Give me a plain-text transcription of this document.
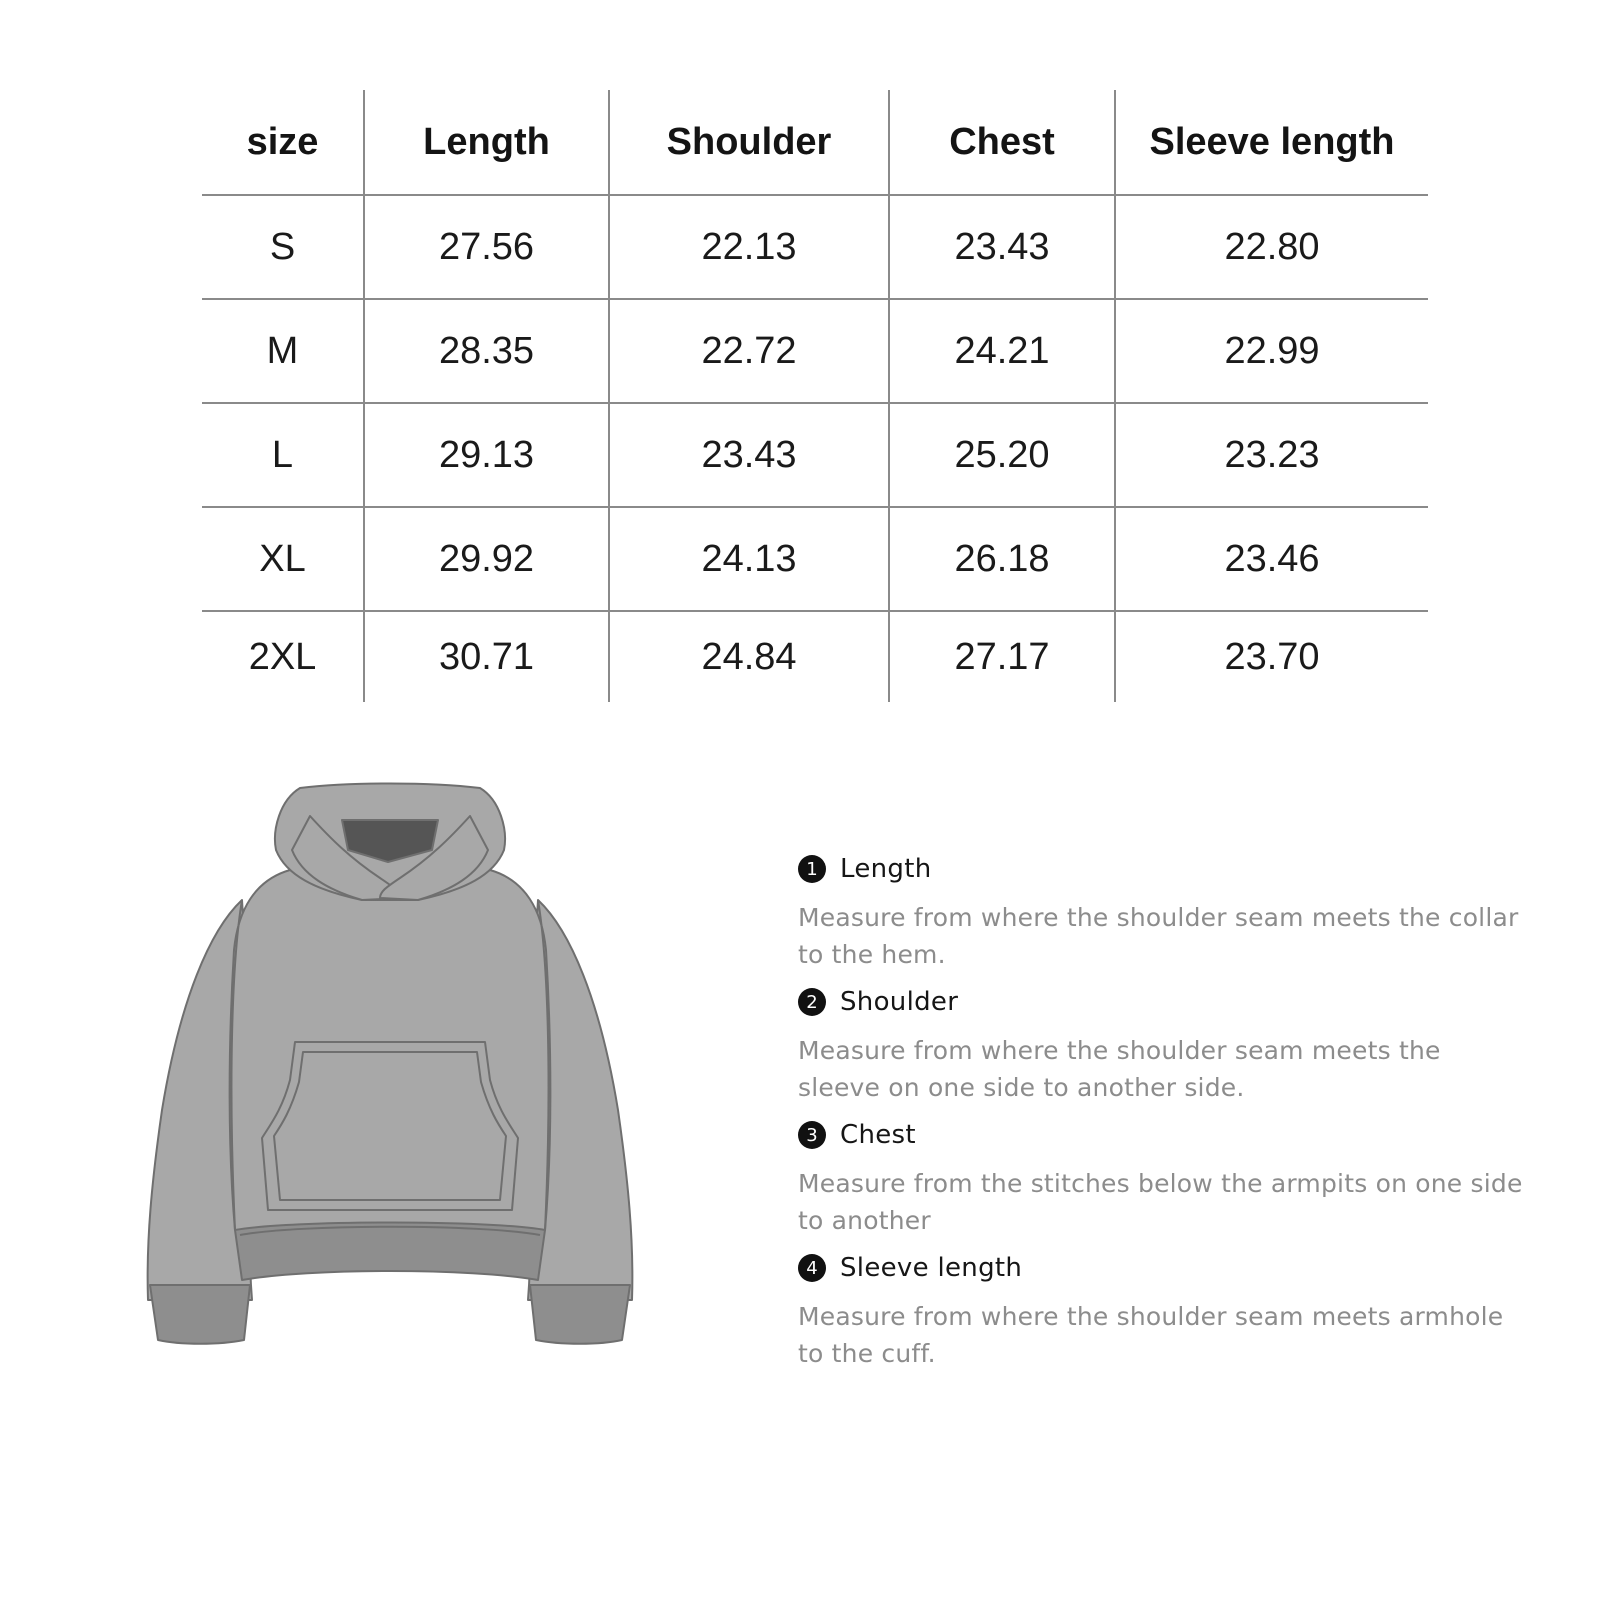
size	Length	Shoulder	Chest	Sleeve length
S	27.56	22.13	23.43	22.80
M	28.35	22.72	24.21	22.99
L	29.13	23.43	25.20	23.23
XL	29.92	24.13	26.18	23.46
2XL	30.71	24.84	27.17	23.70
1 Length
Measure from where the shoulder seam meets the collar to the hem.
2 Shoulder
Measure from where the shoulder seam meets the sleeve on one side to another side.
3 Chest
Measure from the stitches below the armpits on one side to another
4 Sleeve length
Measure from where the shoulder seam meets armhole to the cuff.
